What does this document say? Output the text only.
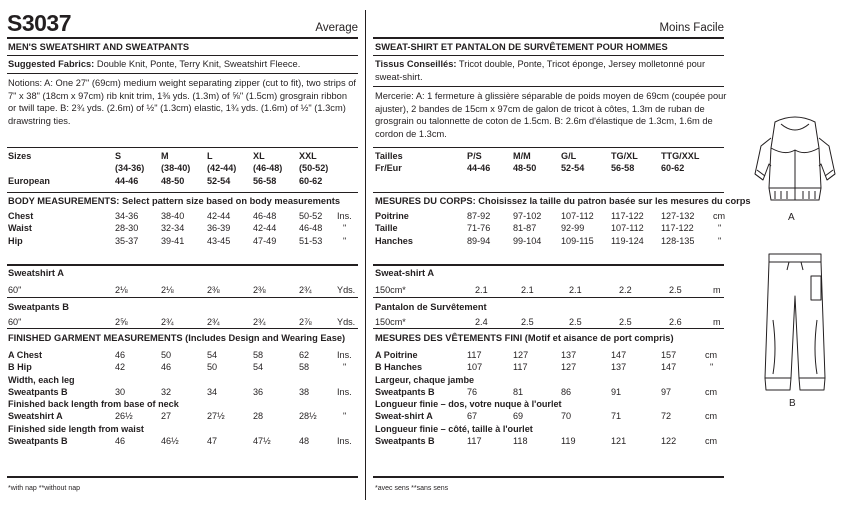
S3037	Average
MEN'S SWEATSHIRT AND SWEATPANTS
Suggested Fabrics: Double Knit, Ponte, Terry Knit, Sweatshirt Fleece.
Notions: A: One 27" (69cm) medium weight separating zipper (cut to fit), two strips of
7" x 38" (18cm x 97cm) rib knit trim, 1⅜ yds. (1.3m) of ⅝" (1.5cm) grosgrain ribbon
or twill tape. B: 2¾ yds. (2.6m) of ½" (1.3cm) elastic, 1¾ yds. (1.6m) of ½" (1.3cm)
drawstring ties.
*with nap **without nap
Sizes	S	M	L	XL	XXL
	(34-36)	(38-40)	(42-44)	(46-48)	(50-52)
European	44-46	48-50	52-54	56-58	60-62
BODY MEASUREMENTS: Select pattern size based on body measurements
Chest	34-36	38-40	42-44	46-48	50-52	Ins.
Waist	28-30	32-34	36-39	42-44	46-48	"
Hip	35-37	39-41	43-45	47-49	51-53	"
Sweatshirt A
60"	2⅛	2⅛	2⅜	2⅜	2¾	Yds.
Sweatpants B
60"	2⅝	2¾	2¾	2¾	2⅞	Yds.
FINISHED GARMENT MEASUREMENTS (Includes Design and Wearing Ease)
A Chest	46	50	54	58	62	Ins.
B Hip	42	46	50	54	58	"
Width, each leg						
Sweatpants B	30	32	34	36	38	Ins.
Finished back length from base of neck						
Sweatshirt A	26½	27	27½	28	28½	"
Finished side length from waist						
Sweatpants B	46	46½	47	47½	48	Ins.
Moins Facile
SWEAT-SHIRT ET PANTALON DE SURVÊTEMENT POUR HOMMES
Tissus Conseillés: Tricot double, Ponte, Tricot éponge, Jersey molletonné pour
sweat-shirt.
Mercerie: A: 1 fermeture à glissière séparable de poids moyen de 69cm (coupée pour
ajuster), 2 bandes de 15cm x 97cm de galon de tricot à côtes, 1.3m de ruban de
grosgrain ou talonnette de coton de 1.5cm. B: 2.6m d'élastique de 1.3cm, 1.6m de
cordon de 1.3cm.
*avec sens **sans sens
Tailles	P/S	M/M	G/L	TG/XL	TTG/XXL
Fr/Eur	44-46	48-50	52-54	56-58	60-62
MESURES DU CORPS: Choisissez la taille du patron basée sur les mesures du corps
Poitrine	87-92	97-102	107-112	117-122	127-132	cm
Taille	71-76	81-87	92-99	107-112	117-122	"
Hanches	89-94	99-104	109-115	119-124	128-135	"
Sweat-shirt A
150cm*	2.1	2.1	2.1	2.2	2.5	m
Pantalon de Survêtement
150cm*	2.4	2.5	2.5	2.5	2.6	m
MESURES DES VÊTEMENTS FINI (Motif et aisance de port compris)
A Poitrine	117	127	137	147	157	cm
B Hanches	107	117	127	137	147	"
Largeur, chaque jambe						
Sweatpants B	76	81	86	91	97	cm
Longueur finie – dos, votre nuque à l'ourlet						
Sweat-shirt A	67	69	70	71	72	cm
Longueur finie – côté, taille à l'ourlet						
Sweatpants B	117	118	119	121	122	cm
A
B
